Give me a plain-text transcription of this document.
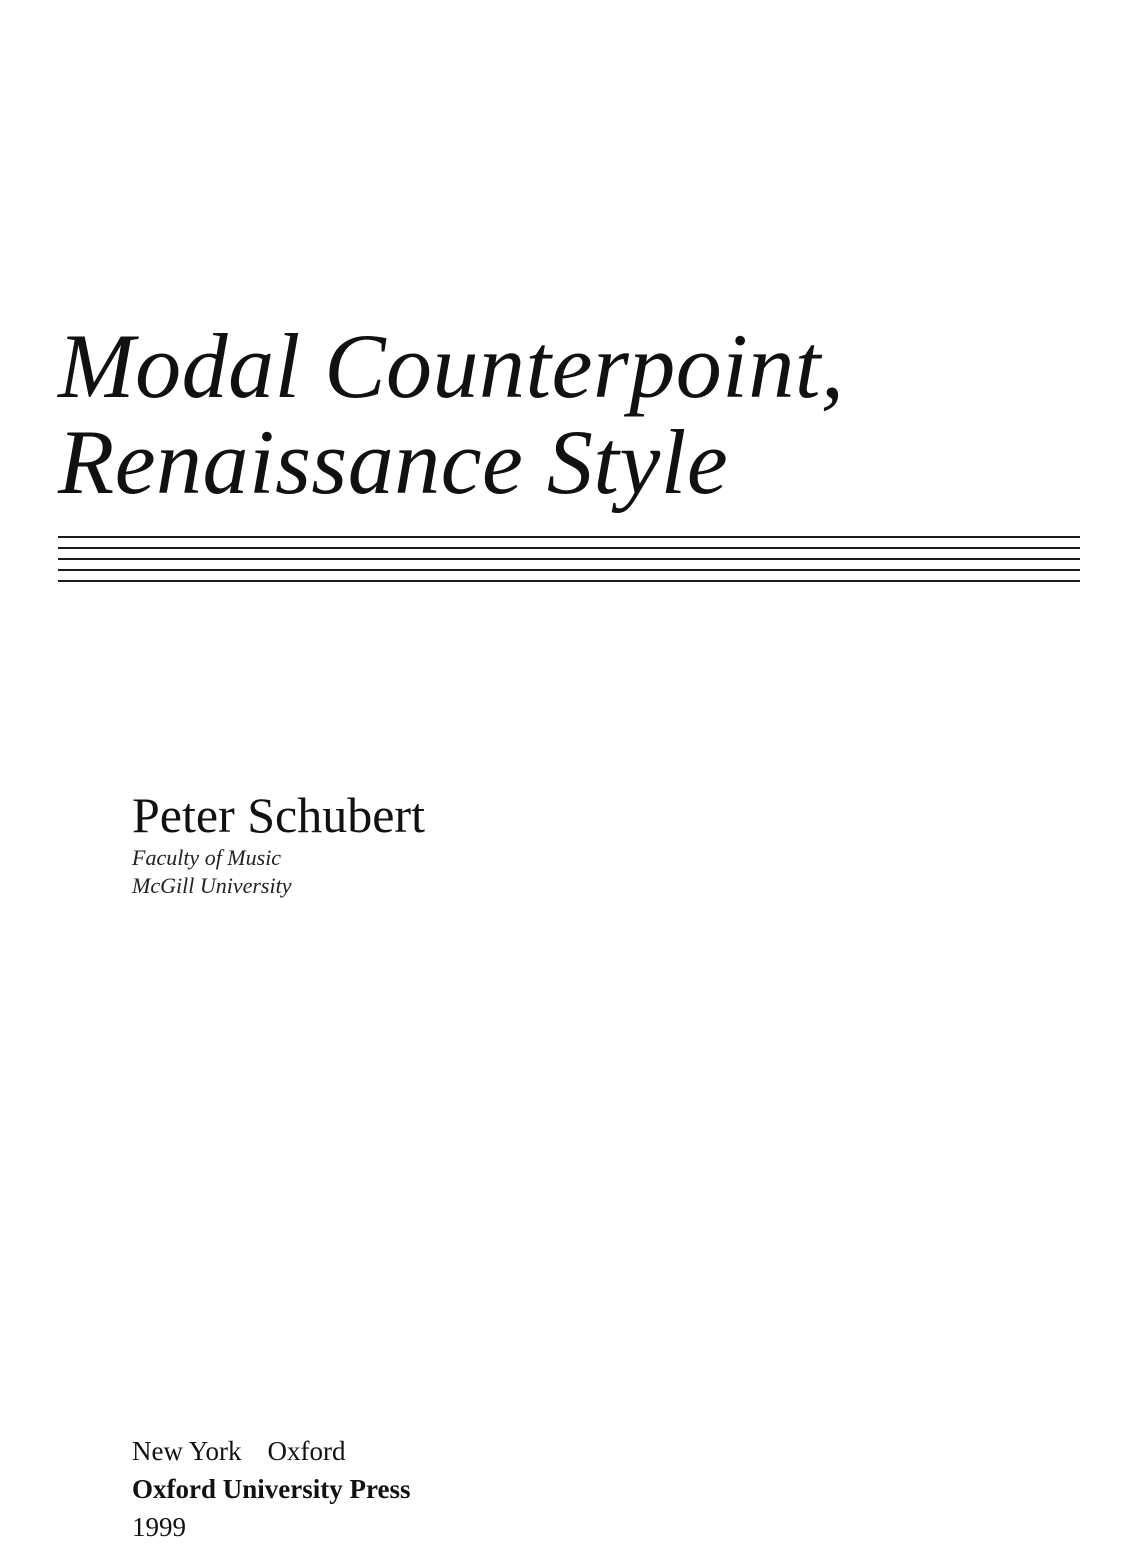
Modal Counterpoint,
Renaissance Style
Peter Schubert
Faculty of Music
McGill University
New York Oxford
Oxford University Press
1999
